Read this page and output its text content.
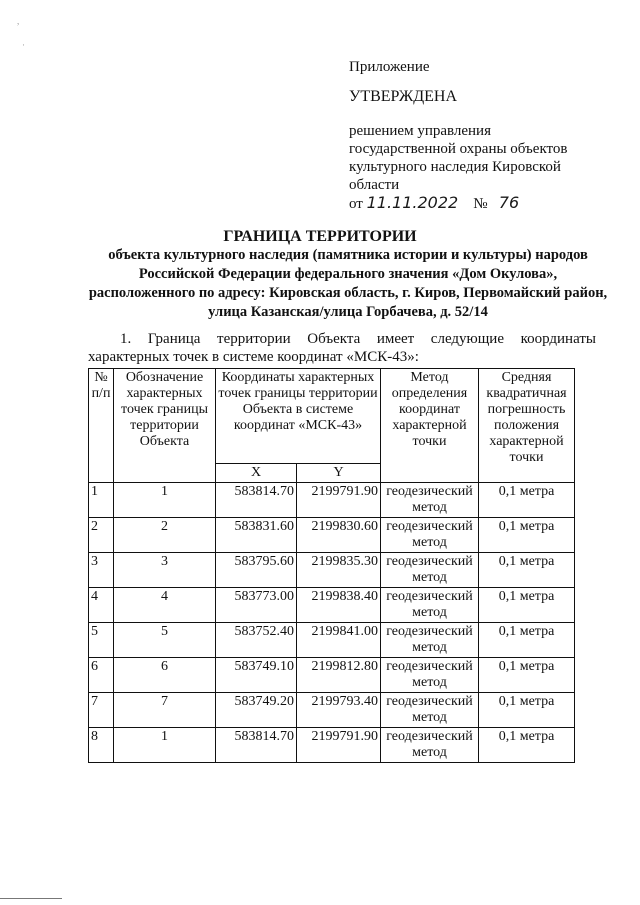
,
·

Приложение

УТВЕРЖДЕНА

решением управления государственной охраны объектов культурного наследия Кировской области

от 11.11.2022 № 76

ГРАНИЦА ТЕРРИТОРИИ
объекта культурного наследия (памятника истории и культуры) народов Российской Федерации федерального значения «Дом Окулова», расположенного по адресу: Кировская область, г. Киров, Первомайский район, улица Казанская/улица Горбачева, д. 52/14
1. Граница территории Объекта имеет следующие координаты характерных точек в системе координат «МСК-43»:
№ п/п	Обозначение характерных точек границы территории Объекта	Координаты характерных точек границы территории Объекта в системе координат «МСК-43»		Метод определения координат характерной точки	Средняя квадратичная погрешность положения характерной точки
		X	Y		
1	1	583814.70	2199791.90	геодезический метод	0,1 метра
2	2	583831.60	2199830.60	геодезический метод	0,1 метра
3	3	583795.60	2199835.30	геодезический метод	0,1 метра
4	4	583773.00	2199838.40	геодезический метод	0,1 метра
5	5	583752.40	2199841.00	геодезический метод	0,1 метра
6	6	583749.10	2199812.80	геодезический метод	0,1 метра
7	7	583749.20	2199793.40	геодезический метод	0,1 метра
8	1	583814.70	2199791.90	геодезический метод	0,1 метра
